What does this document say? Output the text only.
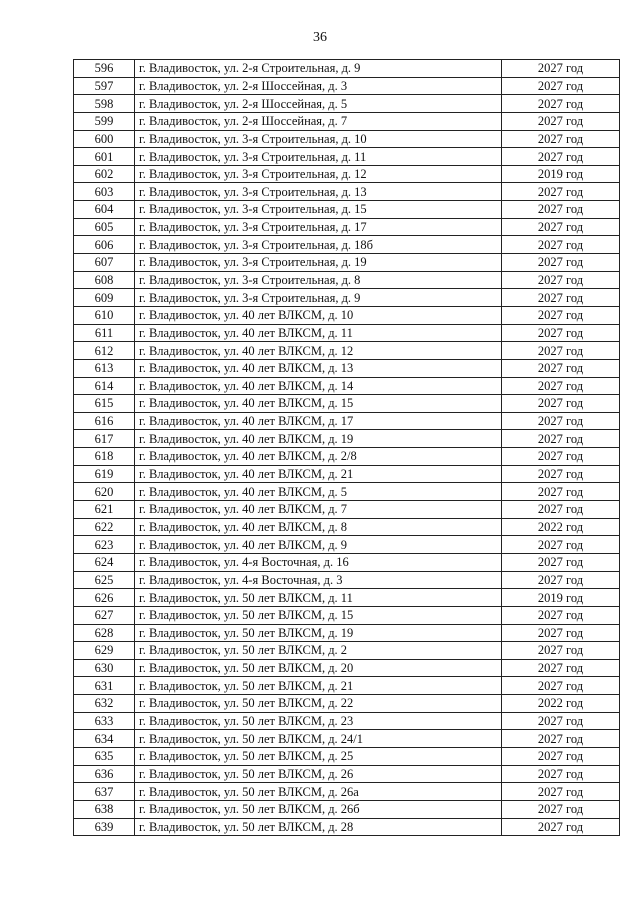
36
596	г. Владивосток, ул. 2-я Строительная, д. 9	2027 год
597	г. Владивосток, ул. 2-я Шоссейная, д. 3	2027 год
598	г. Владивосток, ул. 2-я Шоссейная, д. 5	2027 год
599	г. Владивосток, ул. 2-я Шоссейная, д. 7	2027 год
600	г. Владивосток, ул. 3-я Строительная, д. 10	2027 год
601	г. Владивосток, ул. 3-я Строительная, д. 11	2027 год
602	г. Владивосток, ул. 3-я Строительная, д. 12	2019 год
603	г. Владивосток, ул. 3-я Строительная, д. 13	2027 год
604	г. Владивосток, ул. 3-я Строительная, д. 15	2027 год
605	г. Владивосток, ул. 3-я Строительная, д. 17	2027 год
606	г. Владивосток, ул. 3-я Строительная, д. 18б	2027 год
607	г. Владивосток, ул. 3-я Строительная, д. 19	2027 год
608	г. Владивосток, ул. 3-я Строительная, д. 8	2027 год
609	г. Владивосток, ул. 3-я Строительная, д. 9	2027 год
610	г. Владивосток, ул. 40 лет ВЛКСМ, д. 10	2027 год
611	г. Владивосток, ул. 40 лет ВЛКСМ, д. 11	2027 год
612	г. Владивосток, ул. 40 лет ВЛКСМ, д. 12	2027 год
613	г. Владивосток, ул. 40 лет ВЛКСМ, д. 13	2027 год
614	г. Владивосток, ул. 40 лет ВЛКСМ, д. 14	2027 год
615	г. Владивосток, ул. 40 лет ВЛКСМ, д. 15	2027 год
616	г. Владивосток, ул. 40 лет ВЛКСМ, д. 17	2027 год
617	г. Владивосток, ул. 40 лет ВЛКСМ, д. 19	2027 год
618	г. Владивосток, ул. 40 лет ВЛКСМ, д. 2/8	2027 год
619	г. Владивосток, ул. 40 лет ВЛКСМ, д. 21	2027 год
620	г. Владивосток, ул. 40 лет ВЛКСМ, д. 5	2027 год
621	г. Владивосток, ул. 40 лет ВЛКСМ, д. 7	2027 год
622	г. Владивосток, ул. 40 лет ВЛКСМ, д. 8	2022 год
623	г. Владивосток, ул. 40 лет ВЛКСМ, д. 9	2027 год
624	г. Владивосток, ул. 4-я Восточная, д. 16	2027 год
625	г. Владивосток, ул. 4-я Восточная, д. 3	2027 год
626	г. Владивосток, ул. 50 лет ВЛКСМ, д. 11	2019 год
627	г. Владивосток, ул. 50 лет ВЛКСМ, д. 15	2027 год
628	г. Владивосток, ул. 50 лет ВЛКСМ, д. 19	2027 год
629	г. Владивосток, ул. 50 лет ВЛКСМ, д. 2	2027 год
630	г. Владивосток, ул. 50 лет ВЛКСМ, д. 20	2027 год
631	г. Владивосток, ул. 50 лет ВЛКСМ, д. 21	2027 год
632	г. Владивосток, ул. 50 лет ВЛКСМ, д. 22	2022 год
633	г. Владивосток, ул. 50 лет ВЛКСМ, д. 23	2027 год
634	г. Владивосток, ул. 50 лет ВЛКСМ, д. 24/1	2027 год
635	г. Владивосток, ул. 50 лет ВЛКСМ, д. 25	2027 год
636	г. Владивосток, ул. 50 лет ВЛКСМ, д. 26	2027 год
637	г. Владивосток, ул. 50 лет ВЛКСМ, д. 26а	2027 год
638	г. Владивосток, ул. 50 лет ВЛКСМ, д. 26б	2027 год
639	г. Владивосток, ул. 50 лет ВЛКСМ, д. 28	2027 год
